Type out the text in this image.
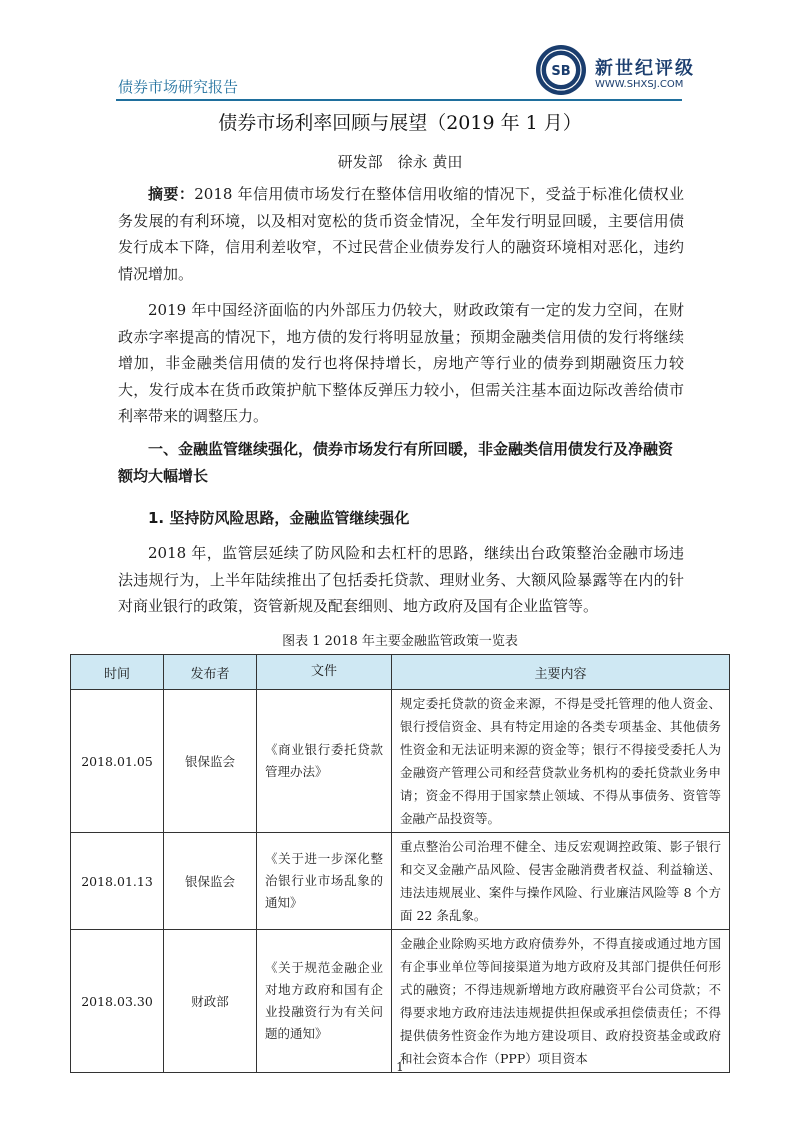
债券市场研究报告
SB 新世纪评级
WWW.SHXSJ.COM
债券市场利率回顾与展望（2019 年 1 月）
研发部　徐永 黄田

摘要：2018 年信用债市场发行在整体信用收缩的情况下，受益于标准化债权业务发展的有利环境，以及相对宽松的货币资金情况，全年发行明显回暖，主要信用债发行成本下降，信用利差收窄，不过民营企业债券发行人的融资环境相对恶化，违约情况增加。

2019 年中国经济面临的内外部压力仍较大，财政政策有一定的发力空间，在财政赤字率提高的情况下，地方债的发行将明显放量；预期金融类信用债的发行将继续增加，非金融类信用债的发行也将保持增长，房地产等行业的债券到期融资压力较大，发行成本在货币政策护航下整体反弹压力较小，但需关注基本面边际改善给债市利率带来的调整压力。

一、金融监管继续强化，债券市场发行有所回暖，非金融类信用债发行及净融资额均大幅增长
1. 坚持防风险思路，金融监管继续强化

2018 年，监管层延续了防风险和去杠杆的思路，继续出台政策整治金融市场违法违规行为，上半年陆续推出了包括委托贷款、理财业务、大额风险暴露等在内的针对商业银行的政策，资管新规及配套细则、地方政府及国有企业监管等。

图表 1 2018 年主要金融监管政策一览表
时间	发布者	文件	主要内容
2018.01.05	银保监会	《商业银行委托贷款管理办法》	规定委托贷款的资金来源，不得是受托管理的他人资金、银行授信资金、具有特定用途的各类专项基金、其他债务性资金和无法证明来源的资金等；银行不得接受委托人为金融资产管理公司和经营贷款业务机构的委托贷款业务申请；资金不得用于国家禁止领域、不得从事债务、资管等金融产品投资等。
2018.01.13	银保监会	《关于进一步深化整治银行业市场乱象的通知》	重点整治公司治理不健全、违反宏观调控政策、影子银行和交叉金融产品风险、侵害金融消费者权益、利益输送、违法违规展业、案件与操作风险、行业廉洁风险等 8 个方面 22 条乱象。
2018.03.30	财政部	《关于规范金融企业对地方政府和国有企业投融资行为有关问题的通知》	金融企业除购买地方政府债券外，不得直接或通过地方国有企事业单位等间接渠道为地方政府及其部门提供任何形式的融资；不得违规新增地方政府融资平台公司贷款；不得要求地方政府违法违规提供担保或承担偿债责任；不得提供债务性资金作为地方建设项目、政府投资基金或政府和社会资本合作（PPP）项目资本
1
